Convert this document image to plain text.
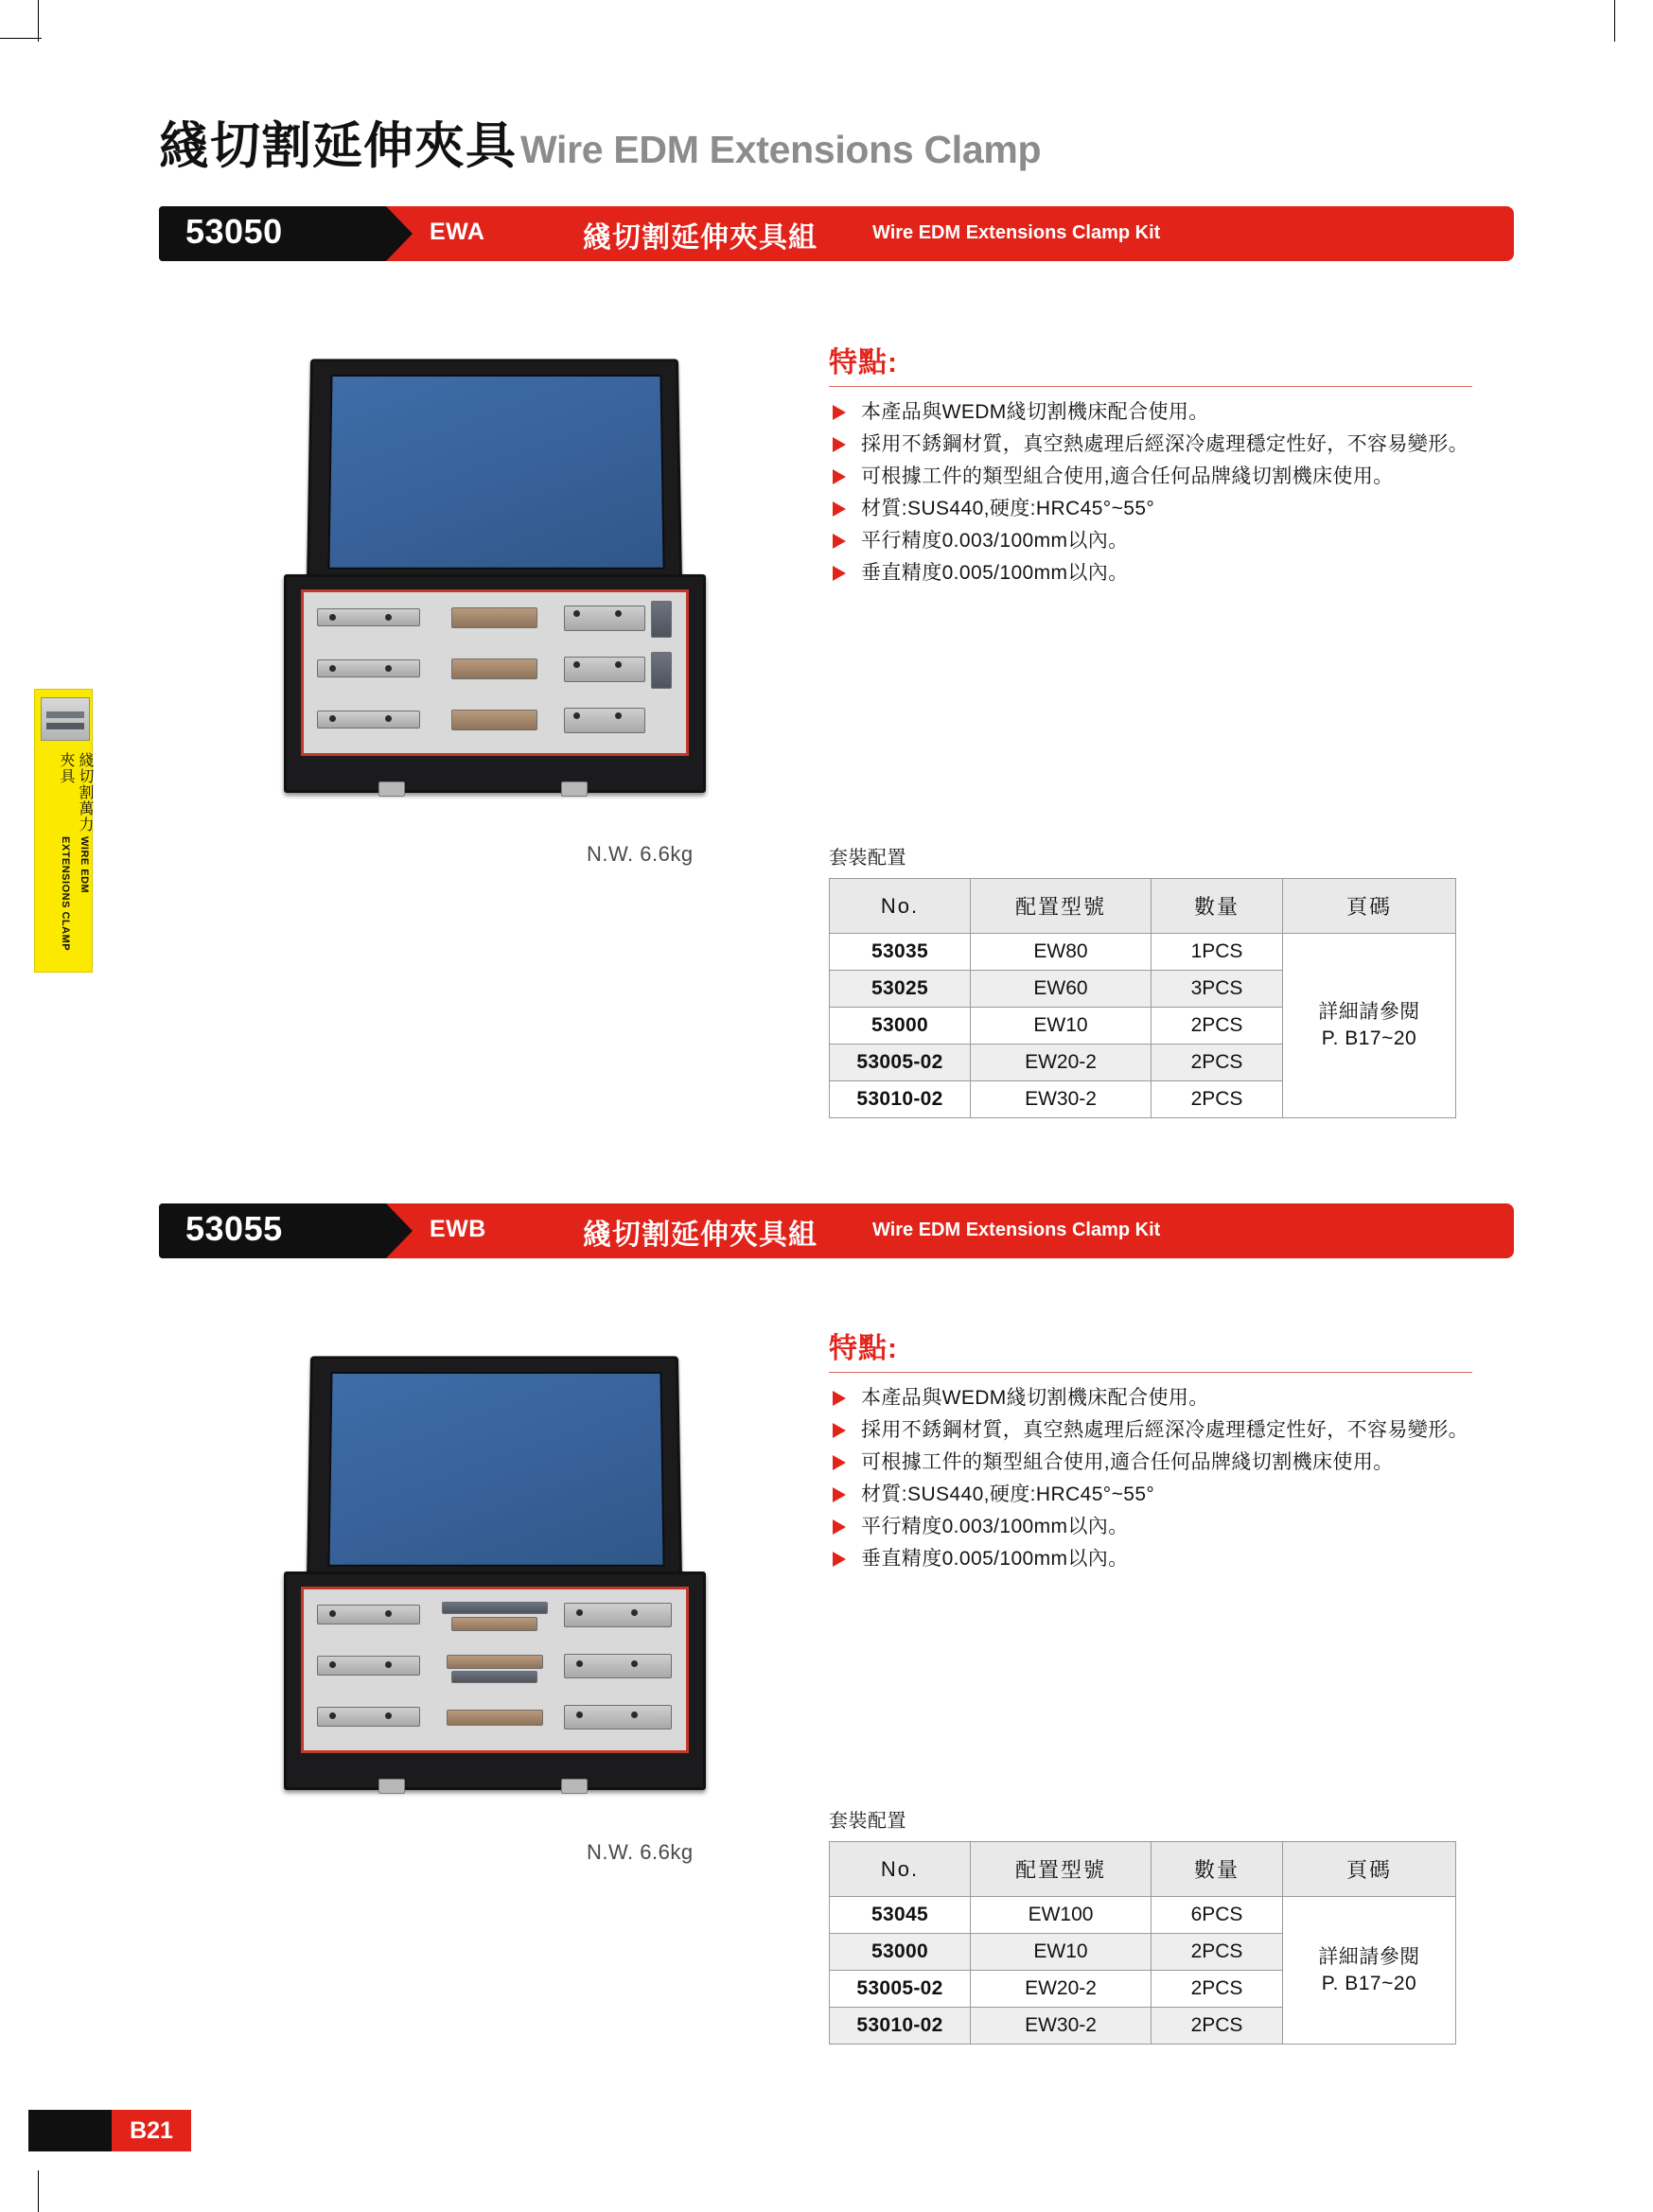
綫切割萬力夾具
WIRE EDM EXTENSIONS CLAMP
綫切割延伸夾具 Wire EDM Extensions Clamp
53050	EWA	綫切割延伸夾具組	Wire EDM Extensions Clamp Kit
N.W. 6.6kg
特點:
本產品與WEDM綫切割機床配合使用。
採用不銹鋼材質，真空熱處理后經深冷處理穩定性好，不容易變形。
可根據工件的類型組合使用,適合任何品牌綫切割機床使用。
材質:SUS440,硬度:HRC45°~55°
平行精度0.003/100mm以內。
垂直精度0.005/100mm以內。
套裝配置
No.	配置型號	數量	頁碼
53035	EW80	1PCS	詳細請參閱
P. B17~20

53025	EW60	3PCS	
53000	EW10	2PCS	
53005-02	EW20-2	2PCS	
53010-02	EW30-2	2PCS	
53055	EWB	綫切割延伸夾具組	Wire EDM Extensions Clamp Kit
N.W. 6.6kg
特點:
本產品與WEDM綫切割機床配合使用。
採用不銹鋼材質，真空熱處理后經深冷處理穩定性好，不容易變形。
可根據工件的類型組合使用,適合任何品牌綫切割機床使用。
材質:SUS440,硬度:HRC45°~55°
平行精度0.003/100mm以內。
垂直精度0.005/100mm以內。
套裝配置
No.	配置型號	數量	頁碼
53045	EW100	6PCS	詳細請參閱
P. B17~20

53000	EW10	2PCS	
53005-02	EW20-2	2PCS	
53010-02	EW30-2	2PCS	
B21
